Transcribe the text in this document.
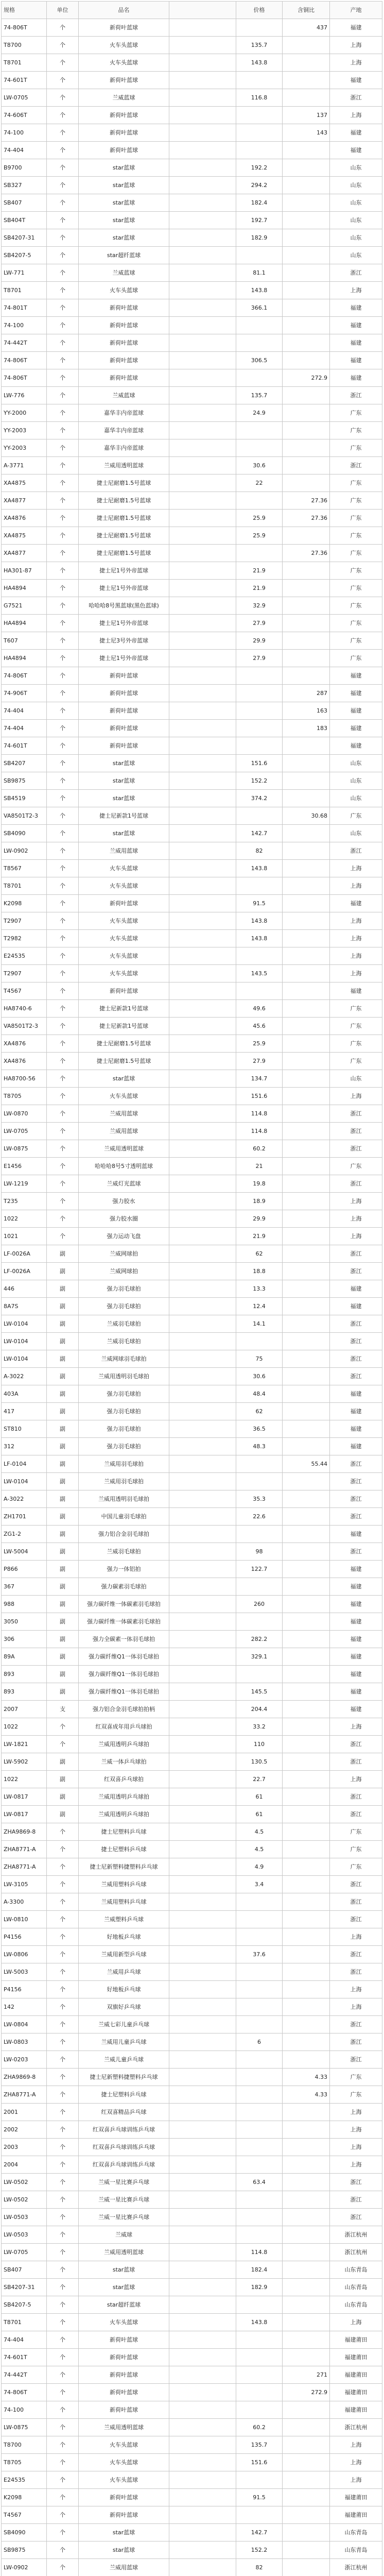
规格	单位	品名		价格	含铜比	产地
74-806T	个	新荷叶蓝球			437	福建
T8700	个	火车头蓝球		135.7		上海
T8701	个	火车头蓝球		143.8		上海
74-601T	个	新荷叶蓝球				福建
LW-0705	个	兰威蓝球		116.8		浙江
74-606T	个	新荷叶蓝球			137	上海
74-100	个	新荷叶蓝球			143	福建
74-404	个	新荷叶蓝球				福建
B9700	个	star蓝球		192.2		山东
SB327	个	star蓝球		294.2		山东
SB407	个	star蓝球		182.4		山东
SB404T	个	star蓝球		192.7		山东
SB4207-31	个	star蓝球		182.9		山东
SB4207-5	个	star超纤蓝球				山东
LW-771	个	兰威蓝球		81.1		浙江
T8701	个	火车头蓝球		143.8		上海
74-801T	个	新荷叶蓝球		366.1		福建
74-100	个	新荷叶蓝球				福建
74-442T	个	新荷叶蓝球				福建
74-806T	个	新荷叶蓝球		306.5		福建
74-806T	个	新荷叶蓝球			272.9	福建
LW-776	个	兰威蓝球		135.7		浙江
YY-2000	个	嘉华丰内帝蓝球		24.9		广东
YY-2003	个	嘉华丰内帝蓝球				广东
YY-2003	个	嘉华丰内帝蓝球				广东
A-3771	个	兰威用透明蓝球		30.6		浙江
XA4875	个	捷士尼耐磨1.5号蓝球		22		广东
XA4877	个	捷士尼耐磨1.5号蓝球			27.36	广东
XA4876	个	捷士尼耐磨1.5号蓝球		25.9	27.36	广东
XA4875	个	捷士尼耐磨1.5号蓝球		25.9		广东
XA4877	个	捷士尼耐磨1.5号蓝球			27.36	广东
HA301-87	个	捷士尼1号外帝蓝球		21.9		广东
HA4894	个	捷士尼1号外帝蓝球		21.9		广东
G7521	个	哈哈哈8号黑蓝球(黑色蓝球)		32.9		广东
HA4894	个	捷士尼1号外帝蓝球		27.9		广东
T607	个	捷士尼3号外帝蓝球		29.9		广东
HA4894	个	捷士尼1号外帝蓝球		27.9		广东
74-806T	个	新荷叶蓝球				福建
74-906T	个	新荷叶蓝球			287	福建
74-404	个	新荷叶蓝球			163	福建
74-404	个	新荷叶蓝球			183	福建
74-601T	个	新荷叶蓝球				福建
SB4207	个	star蓝球		151.6		山东
SB9875	个	star蓝球		152.2		山东
SB4519	个	star蓝球		374.2		山东
VA8501T2-3	个	捷士尼新款1号蓝球			30.68	广东
SB4090	个	star蓝球		142.7		山东
LW-0902	个	兰威用蓝球		82		浙江
T8567	个	火车头蓝球		143.8		上海
T8701	个	火车头蓝球				上海
K2098	个	新荷叶蓝球		91.5		福建
T2907	个	火车头蓝球		143.8		上海
T2982	个	火车头蓝球		143.8		上海
E24535	个	火车头蓝球				上海
T2907	个	火车头蓝球		143.5		上海
T4567	个	新荷叶蓝球				福建
HA8740-6	个	捷士尼新款1号蓝球		49.6		广东
VA8501T2-3	个	捷士尼新款1号蓝球		45.6		广东
XA4876	个	捷士尼耐磨1.5号蓝球		25.9		广东
XA4876	个	捷士尼耐磨1.5号蓝球		27.9		广东
HA8700-56	个	star蓝球		134.7		山东
T8705	个	火车头蓝球		151.6		上海
LW-0870	个	兰威用蓝球		114.8		浙江
LW-0705	个	兰威用蓝球		114.8		浙江
LW-0875	个	兰威用透明蓝球		60.2		浙江
E1456	个	哈哈哈8号5寸透明蓝球		21		广东
LW-1219	个	兰威灯光蓝球		19.8		浙江
T235	个	强力胶水		18.9		上海
1022	个	强力胶水圈		29.9		上海
1021	个	强力运动飞盘		21.9		上海
LF-0026A	副	兰威网球拍		62		浙江
LF-0026A	副	兰威网球拍		18.8		浙江
446	副	强力羽毛球拍		13.3		福建
8A7S	副	强力羽毛球拍		12.4		福建
LW-0104	副	兰威羽毛球拍		14.1		浙江
LW-0104	副	兰威羽毛球拍				浙江
LW-0104	副	兰威网球羽毛球拍		75		浙江
A-3022	副	兰威用透明羽毛球拍		30.6		浙江
403A	副	强力羽毛球拍		48.4		福建
417	副	强力羽毛球拍		62		福建
ST810	副	强力羽毛球拍		36.5		福建
312	副	强力羽毛球拍		48.3		福建
LF-0104	副	兰威用羽毛球拍			55.44	浙江
LW-0104	副	兰威用羽毛球拍				浙江
A-3022	副	兰威用透明羽毛球拍		35.3		浙江
ZH1701	副	中国儿童羽毛球拍		22.6		浙江
ZG1-2	副	强力铝合金羽毛球拍				福建
LW-5004	副	兰威羽毛球拍		98		浙江
P866	副	强力一体铝拍		122.7		福建
367	副	强力碳素羽毛球拍				福建
988	副	强力碳纤维一体碳素羽毛球拍		260		福建
3050	副	强力碳纤维一体碳素羽毛球拍				福建
306	副	强力全碳素一体羽毛球拍		282.2		福建
89A	副	强力碳纤维Q1一体羽毛球拍		329.1		福建
893	副	强力碳纤维Q1一体羽毛球拍				福建
893	副	强力碳纤维Q1一体羽毛球拍		145.5		福建
2007	支	强力铝合金羽毛球拍拍柄		204.4		福建
1022	个	红双喜成年用乒乓球拍		33.2		上海
LW-1821	个	兰威用透明乒乓球拍		110		浙江
LW-5902	副	兰威一体乒乓球拍		130.5		浙江
1022	副	红双喜乒乓球拍		22.7		上海
LW-0817	副	兰威用透明乒乓球拍		61		浙江
LW-0817	副	兰威用透明乒乓球拍		61		浙江
ZHA9869-8	个	捷士尼塑料乒乓球		4.5		广东
ZHA8771-A	个	捷士尼塑料乒乓球		4.5		广东
ZHA8771-A	个	捷士尼新塑料捷塑料乒乓球		4.9		广东
LW-3105	个	兰威用塑料乒乓球		3.4		浙江
A-3300	个	兰威用塑料乒乓球				浙江
LW-0810	个	兰威塑料乒乓球				浙江
P4156	个	好地板乒乓球				上海
LW-0806	个	兰威用新型乒乓球		37.6		浙江
LW-5003	个	兰威用乒乓球				浙江
P4156	个	好地板乒乓球				上海
142	个	双旗好乒乓球				上海
LW-0804	个	兰威七彩儿童乒乓球				浙江
LW-0803	个	兰威用儿童乒乓球		6		浙江
LW-0203	个	兰威儿童乒乓球				浙江
ZHA9869-8	个	捷士尼新塑料捷塑料乒乓球			4.33	广东
ZHA8771-A	个	捷士尼塑料乒乓球			4.33	广东
2001	个	红双喜精品乒乓球				上海
2002	个	红双喜乒乓球训练乒乓球				上海
2003	个	红双喜乒乓球训练乒乓球				上海
2004	个	红双喜乒乓球训练乒乓球				上海
LW-0502	个	兰威一星比赛乒乓球		63.4		浙江
LW-0502	个	兰威一星比赛乒乓球				浙江
LW-0503	个	兰威一星比赛乒乓球				浙江
LW-0503	个	兰威球				浙江杭州
LW-0705	个	兰威用透明蓝球		114.8		浙江杭州
SB407	个	star蓝球		182.4		山东青岛
SB4207-31	个	star蓝球		182.9		山东青岛
SB4207-5	个	star超纤蓝球				山东青岛
T8701	个	火车头蓝球		143.8		上海
74-404	个	新荷叶蓝球				福建莆田
74-601T	个	新荷叶蓝球				福建莆田
74-442T	个	新荷叶蓝球			271	福建莆田
74-806T	个	新荷叶蓝球			272.9	福建莆田
74-100	个	新荷叶蓝球				福建莆田
LW-0875	个	兰威用透明蓝球		60.2		浙江杭州
T8700	个	火车头蓝球		135.7		上海
T8705	个	火车头蓝球		151.6		上海
E24535	个	火车头蓝球				上海
K2098	个	新荷叶蓝球		91.5		福建莆田
T4567	个	新荷叶蓝球				福建莆田
SB4090	个	star蓝球		142.7		山东青岛
SB9875	个	star蓝球		152.2		山东青岛
LW-0902	个	兰威用蓝球		82		浙江杭州
